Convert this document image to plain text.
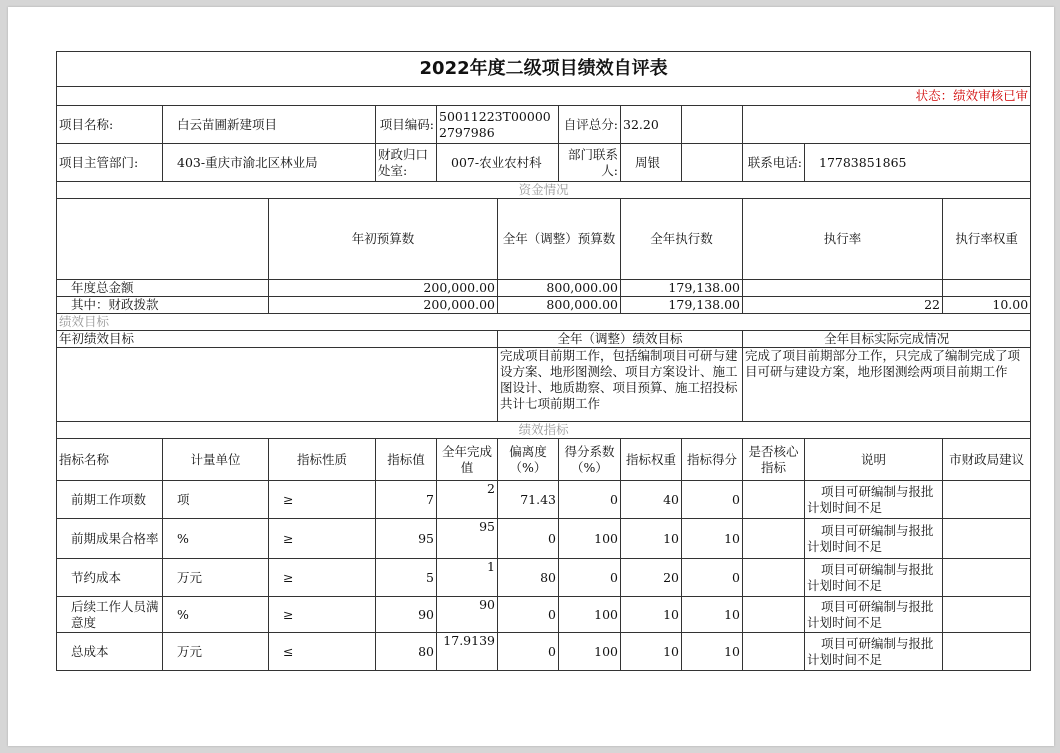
2022年度二级项目绩效自评表												
状态：绩效审核已审												
项目名称:	白云苗圃新建项目		项目编码:	50011223T000002797986		自评总分:	32.20					
项目主管部门:	403-重庆市渝北区林业局		财政归口处室:	007-农业农村科		部门联系人:	周银		联系电话:	17783851865		
资金情况												
		年初预算数			全年（调整）预算数		全年执行数		执行率		执行率权重	
年度总金额		200,000.00			800,000.00		179,138.00					
其中：财政拨款		200,000.00			800,000.00		179,138.00		22		10.00	
绩效目标												
年初绩效目标					全年（调整）绩效目标				全年目标实际完成情况			
					完成项目前期工作，包括编制项目可研与建设方案、地形图测绘、项目方案设计、施工图设计、地质勘察、项目预算、施工招投标共计七项前期工作				完成了项目前期部分工作，只完成了编制完成了项目可研与建设方案，地形图测绘两项目前期工作			
绩效指标												
指标名称	计量单位	指标性质	指标值	全年完成值	偏离度（%）	得分系数（%）	指标权重	指标得分	是否核心指标	说明	市财政局建议	
前期工作项数	项	≥	7	2	71.43	0	40	0		项目可研编制与报批计划时间不足		
前期成果合格率	%	≥	95	95	0	100	10	10		项目可研编制与报批计划时间不足		
节约成本	万元	≥	5	1	80	0	20	0		项目可研编制与报批计划时间不足		
后续工作人员满意度	%	≥	90	90	0	100	10	10		项目可研编制与报批计划时间不足		
总成本	万元	≤	80	17.9139	0	100	10	10		项目可研编制与报批计划时间不足		
